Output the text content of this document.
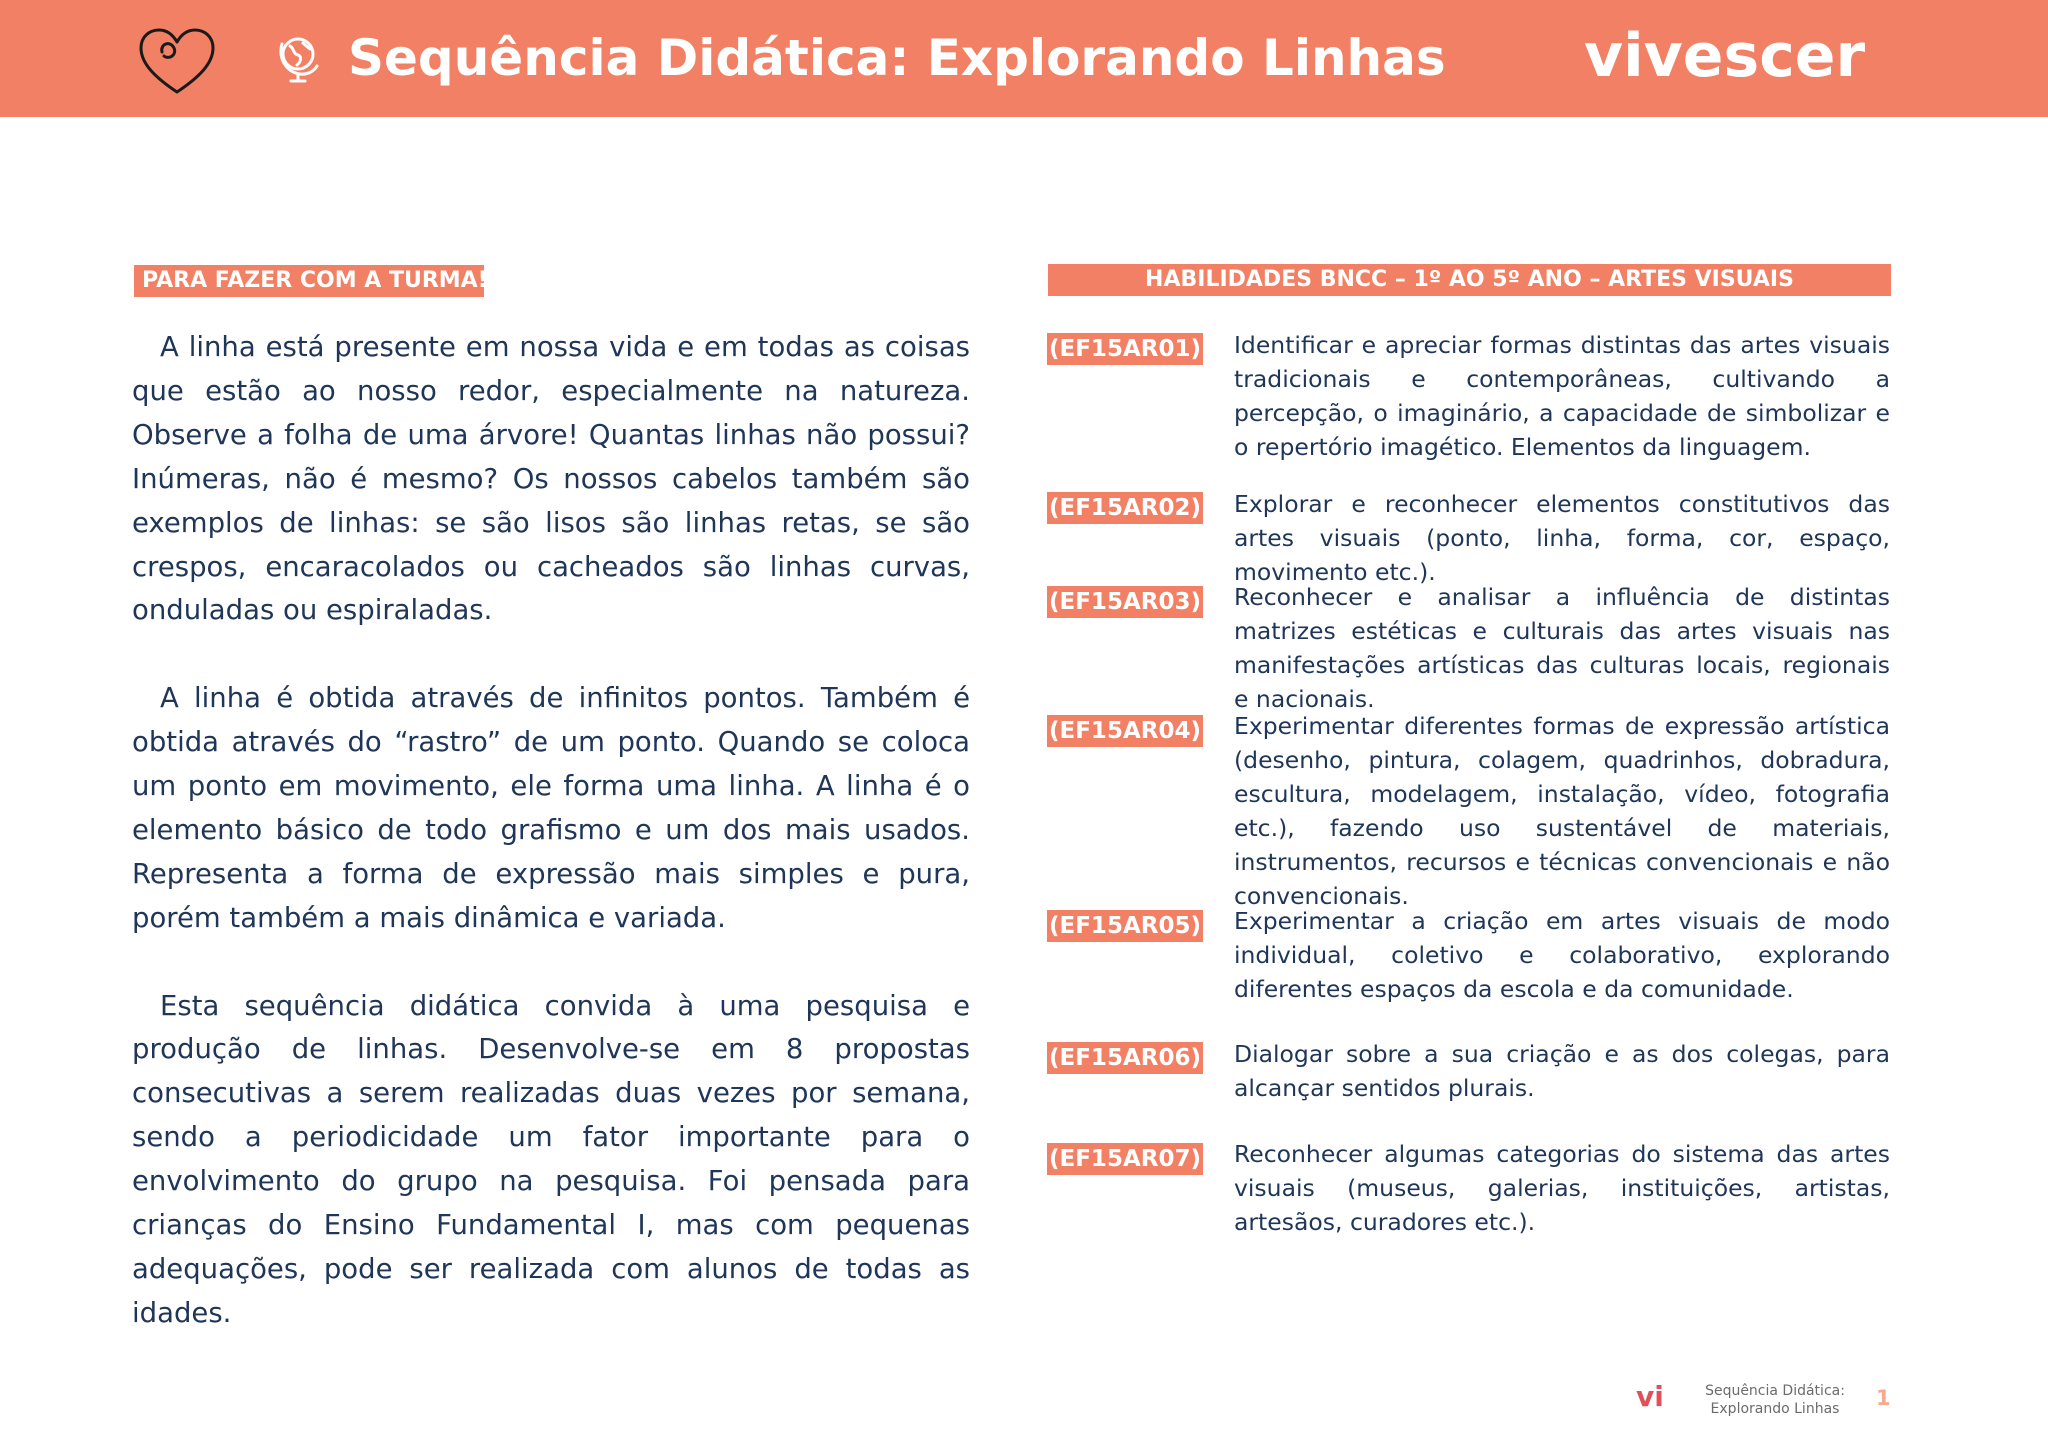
Sequência Didática: Explorando Linhas vivescer
PARA FAZER COM A TURMA!

A linha está presente em nossa vida e em todas as coisas que estão ao nosso redor, especialmente na natureza. Observe a folha de uma árvore! Quantas linhas não possui? Inúmeras, não é mesmo? Os nossos cabelos também são exemplos de linhas: se são lisos são linhas retas, se são crespos, encaracolados ou cacheados são linhas curvas, onduladas ou espiraladas.

A linha é obtida através de infinitos pontos. Também é obtida através do “rastro” de um ponto. Quando se coloca um ponto em movimento, ele forma uma linha. A linha é o elemento básico de todo grafismo e um dos mais usados. Representa a forma de expressão mais simples e pura, porém também a mais dinâmica e variada.

Esta sequência didática convida à uma pesquisa e produção de linhas. Desenvolve-se em 8 propostas consecutivas a serem realizadas duas vezes por semana, sendo a periodicidade um fator importante para o envolvimento do grupo na pesquisa. Foi pensada para crianças do Ensino Fundamental I, mas com pequenas adequações, pode ser realizada com alunos de todas as idades.

HABILIDADES BNCC – 1º AO 5º ANO – ARTES VISUAIS
(EF15AR01) Identificar e apreciar formas distintas das artes visuais tradicionais e contemporâneas, cultivando a percepção, o imaginário, a capacidade de simbolizar e o repertório imagético. Elementos da linguagem.
(EF15AR02) Explorar e reconhecer elementos constitutivos das artes visuais (ponto, linha, forma, cor, espaço, movimento etc.).
(EF15AR03) Reconhecer e analisar a influência de distintas matrizes estéticas e culturais das artes visuais nas manifestações artísticas das culturas locais, regionais e nacionais.
(EF15AR04) Experimentar diferentes formas de expressão artística (desenho, pintura, colagem, quadrinhos, dobradura, escultura, modelagem, instalação, vídeo, fotografia etc.), fazendo uso sustentável de materiais, instrumentos, recursos e técnicas convencionais e não convencionais.
(EF15AR05) Experimentar a criação em artes visuais de modo individual, coletivo e colaborativo, explorando diferentes espaços da escola e da comunidade.
(EF15AR06) Dialogar sobre a sua criação e as dos colegas, para alcançar sentidos plurais.
(EF15AR07) Reconhecer algumas categorias do sistema das artes visuais (museus, galerias, instituições, artistas, artesãos, curadores etc.).
vi	Sequência Didática:
Explorando Linhas	1
